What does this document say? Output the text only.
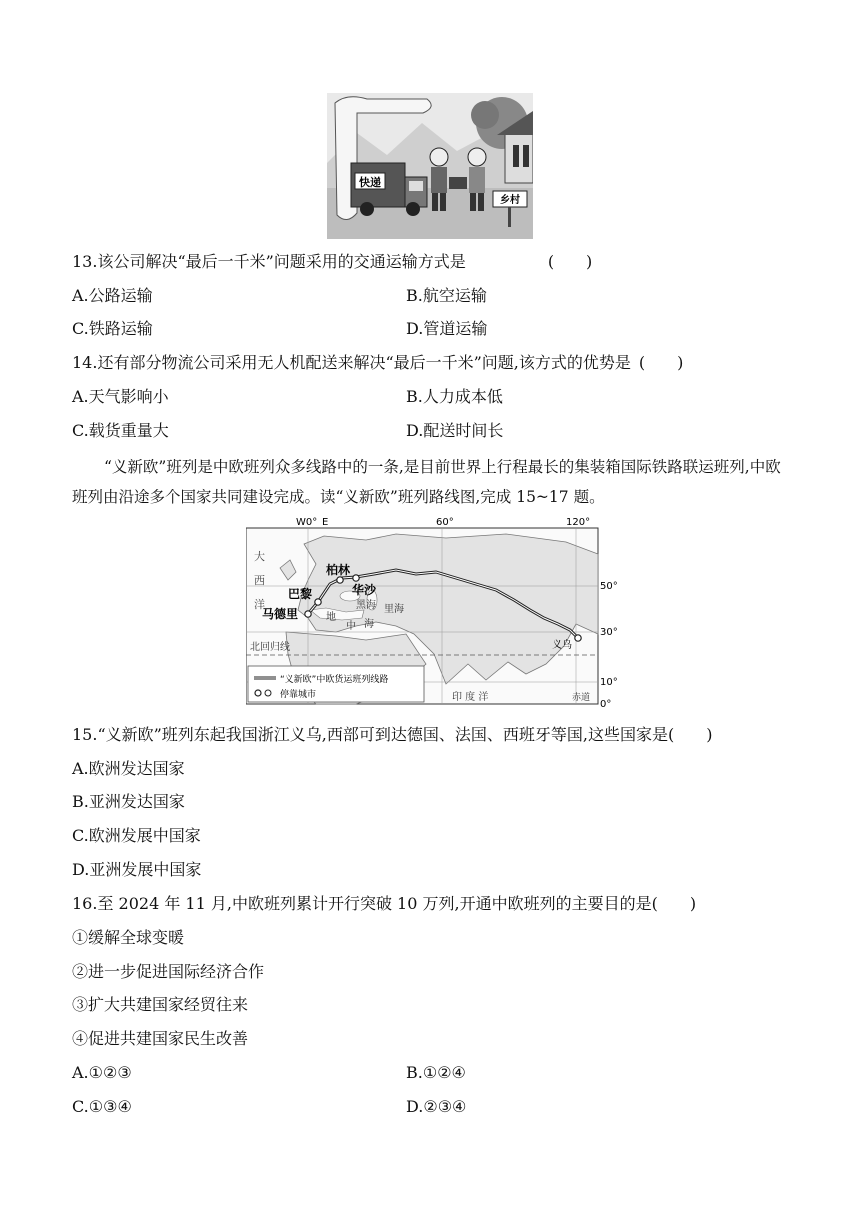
快递
乡村
13.该公司解决“最后一千米”问题采用的交通运输方式是	(　　)
A.公路运输	B.航空运输
C.铁路运输	D.管道运输
14.还有部分物流公司采用无人机配送来解决“最后一千米”问题,该方式的优势是 (　　)
A.天气影响小	B.人力成本低
C.载货重量大	D.配送时间长
“义新欧”班列是中欧班列众多线路中的一条,是目前世界上行程最长的集装箱国际铁路联运班列,中欧班列由沿途多个国家共同建设完成。读“义新欧”班列路线图,完成 15~17 题。
W0° E	60°	120°
50°
30°
10°
0°
大
西
洋
地
中 海
黑海 里海
印 度 洋	赤道
北回归线
柏林
华沙
巴黎
马德里
义乌
“义新欧”中欧货运班列线路
停靠城市
15.“义新欧”班列东起我国浙江义乌,西部可到达德国、法国、西班牙等国,这些国家是(　　)
A.欧洲发达国家
B.亚洲发达国家
C.欧洲发展中国家
D.亚洲发展中国家
16.至 2024 年 11 月,中欧班列累计开行突破 10 万列,开通中欧班列的主要目的是(　　)
①缓解全球变暖
②进一步促进国际经济合作
③扩大共建国家经贸往来
④促进共建国家民生改善
A.①②③	B.①②④
C.①③④	D.②③④
